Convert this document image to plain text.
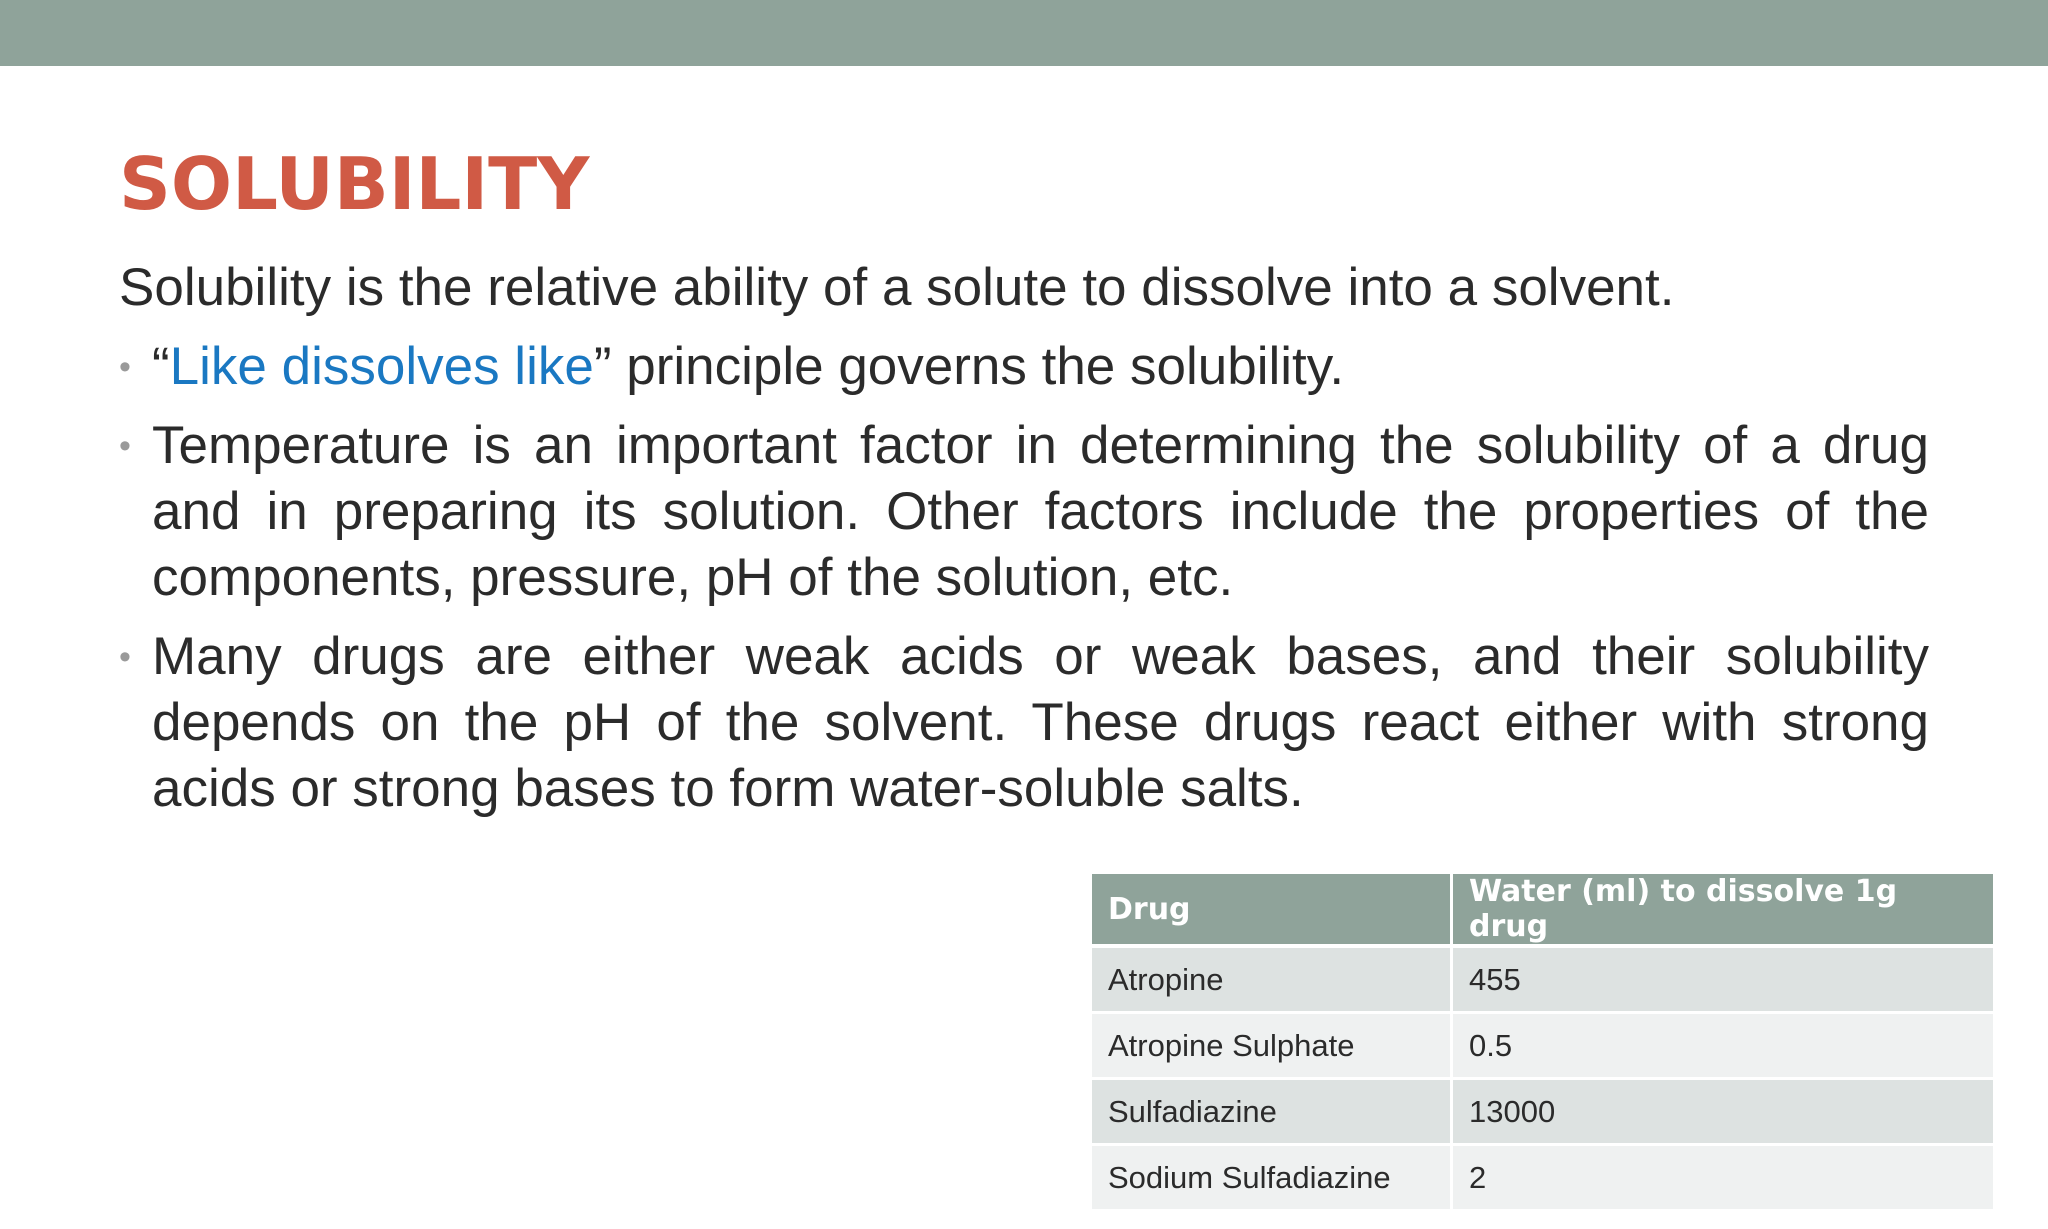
SOLUBILITY

Solubility is the relative ability of a solute to dissolve into a solvent.

• “Like dissolves like” principle governs the solubility.
• Temperature is an important factor in determining the solubility of a drug and in preparing its solution. Other factors include the properties of the components, pressure, pH of the solution, etc.
• Many drugs are either weak acids or weak bases, and their solubility depends on the pH of the solvent. These drugs react either with strong acids or strong bases to form water-soluble salts.
Drug	Water (ml) to dissolve 1g drug
Atropine	455
Atropine Sulphate	0.5
Sulfadiazine	13000
Sodium Sulfadiazine	2
